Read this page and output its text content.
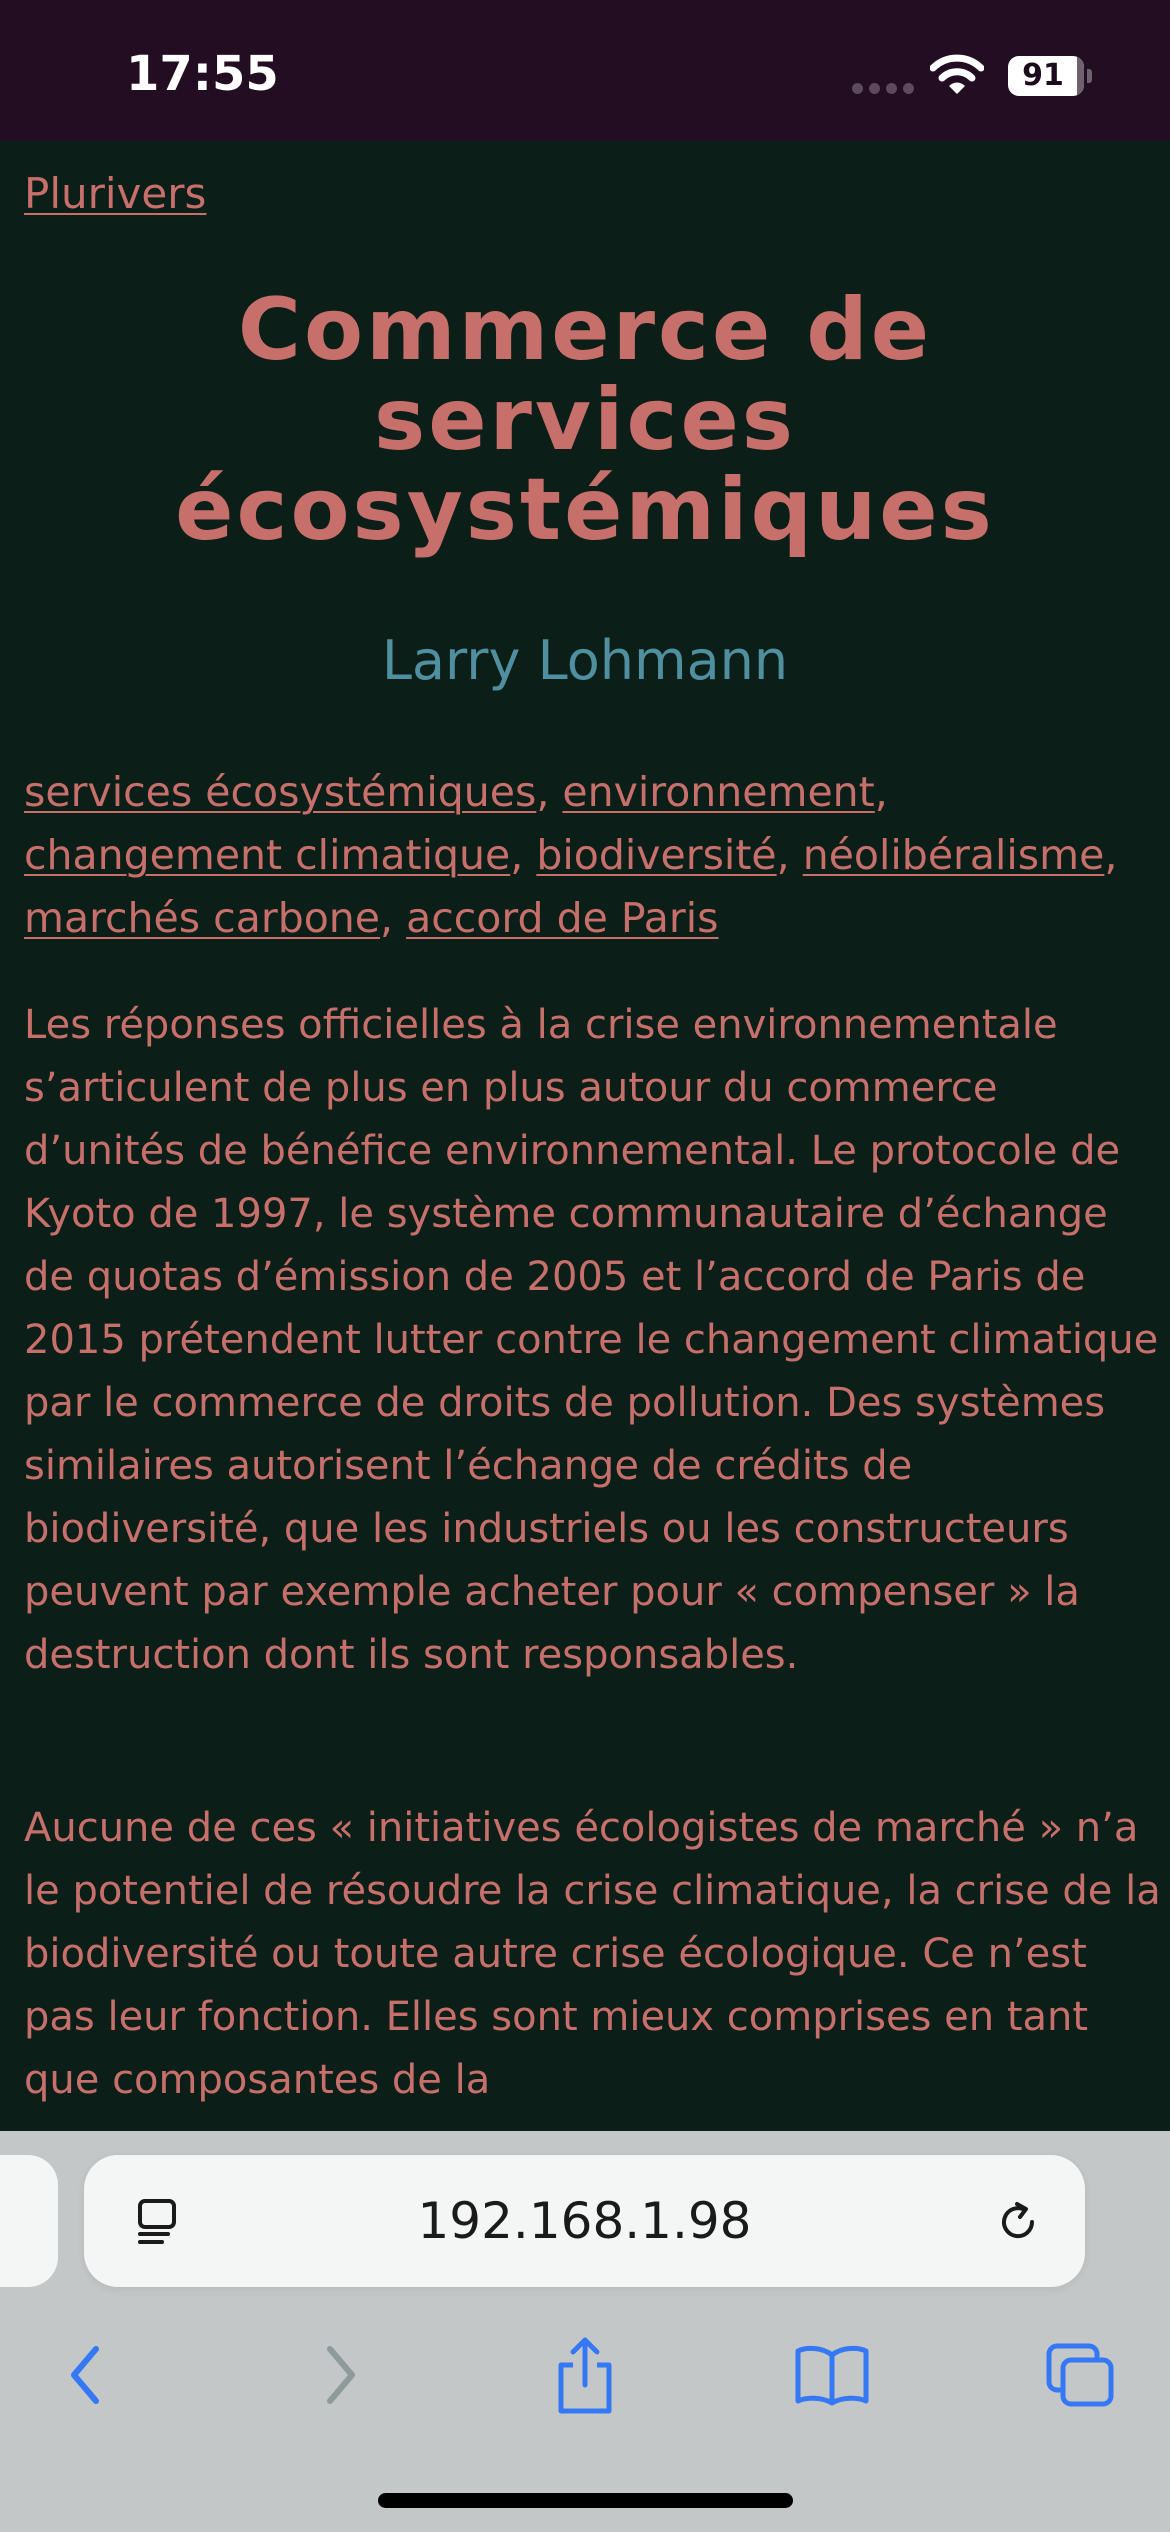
17:55	91
Plurivers
Commerce de
services
écosystémiques
Larry Lohmann
services écosystémiques, environnement,
changement climatique, biodiversité, néolibéralisme,
marchés carbone, accord de Paris

Les réponses officielles à la crise environnementale s’articulent de plus en plus autour du commerce d’unités de bénéfice environnemental. Le protocole de Kyoto de 1997, le système communautaire d’échange de quotas d’émission de 2005 et l’accord de Paris de 2015 prétendent lutter contre le changement climatique par le commerce de droits de pollution. Des systèmes similaires autorisent l’échange de crédits de biodiversité, que les industriels ou les constructeurs peuvent par exemple acheter pour « compenser » la destruction dont ils sont responsables.

Aucune de ces « initiatives écologistes de marché » n’a le potentiel de résoudre la crise climatique, la crise de la biodiversité ou toute autre crise écologique. Ce n’est pas leur fonction. Elles sont mieux comprises en tant que composantes de la

192.168.1.98
